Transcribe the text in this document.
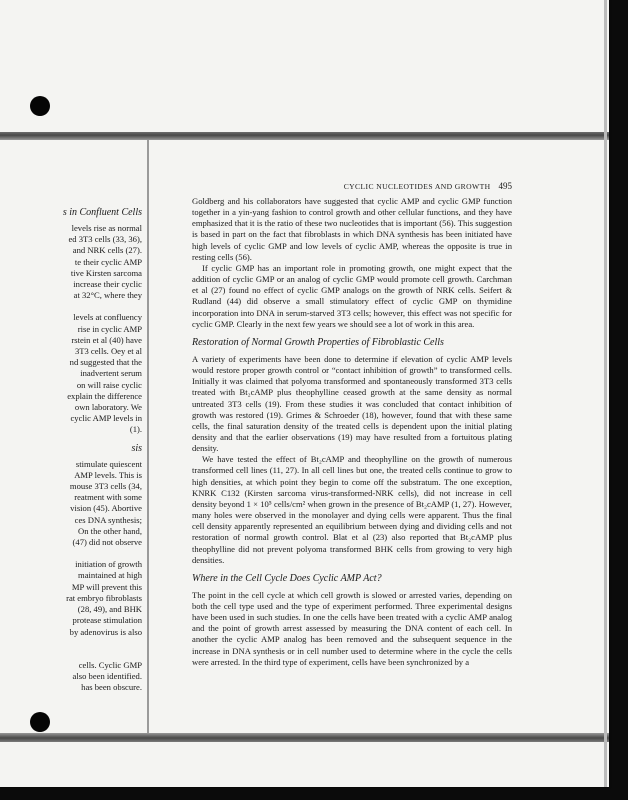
s in Confluent Cells
levels rise as normal
ed 3T3 cells (33, 36),
and NRK cells (27).
te their cyclic AMP
tive Kirsten sarcoma
increase their cyclic
at 32°C, where they
levels at confluency
rise in cyclic AMP
rstein et al (40) have
3T3 cells. Oey et al
nd suggested that the
inadvertent serum
on will raise cyclic
explain the difference
own laboratory. We
cyclic AMP levels in
(1).
sis
stimulate quiescent
AMP levels. This is
mouse 3T3 cells (34,
reatment with some
vision (45). Abortive
ces DNA synthesis;
On the other hand,
(47) did not observe
initiation of growth
maintained at high
MP will prevent this
rat embryo fibroblasts
(28, 49), and BHK
protease stimulation
by adenovirus is also
cells. Cyclic GMP
also been identified.
has been obscure.
CYCLIC NUCLEOTIDES AND GROWTH 495

Goldberg and his collaborators have suggested that cyclic AMP and cyclic GMP function together in a yin-yang fashion to control growth and other cellular functions, and they have emphasized that it is the ratio of these two nucleotides that is important (56). This suggestion is based in part on the fact that fibroblasts in which DNA synthesis has been initiated have high levels of cyclic GMP and low levels of cyclic AMP, whereas the opposite is true in resting cells (56).

If cyclic GMP has an important role in promoting growth, one might expect that the addition of cyclic GMP or an analog of cyclic GMP would promote cell growth. Carchman et al (27) found no effect of cyclic GMP analogs on the growth of NRK cells. Seifert & Rudland (44) did observe a small stimulatory effect of cyclic GMP on thymidine incorporation into DNA in serum-starved 3T3 cells; however, this effect was not specific for cyclic GMP. Clearly in the next few years we should see a lot of work in this area.

Restoration of Normal Growth Properties of Fibroblastic Cells

A variety of experiments have been done to determine if elevation of cyclic AMP levels would restore proper growth control or “contact inhibition of growth” to transformed cells. Initially it was claimed that polyoma transformed and spontaneously transformed 3T3 cells treated with Bt₂cAMP plus theophylline ceased growth at the same density as normal untreated 3T3 cells (19). From these studies it was concluded that contact inhibition of growth was restored (19). Grimes & Schroeder (18), however, found that with these same cells, the final saturation density of the treated cells is dependent upon the initial plating density and that the earlier observations (19) may have resulted from a fortuitous plating density.

We have tested the effect of Bt₂cAMP and theophylline on the growth of numerous transformed cell lines (11, 27). In all cell lines but one, the treated cells continue to grow to high densities, at which point they begin to come off the substratum. The one exception, KNRK C132 (Kirsten sarcoma virus-transformed-NRK cells), did not increase in cell density beyond 1 × 10⁵ cells/cm² when grown in the presence of Bt₂cAMP (1, 27). However, many holes were observed in the monolayer and dying cells were apparent. Thus the final cell density apparently represented an equilibrium between dying and dividing cells and not restoration of normal growth control. Blat et al (23) also reported that Bt₂cAMP plus theophylline did not prevent polyoma transformed BHK cells from growing to very high densities.

Where in the Cell Cycle Does Cyclic AMP Act?

The point in the cell cycle at which cell growth is slowed or arrested varies, depending on both the cell type used and the type of experiment performed. Three experimental designs have been used in such studies. In one the cells have been treated with a cyclic AMP analog and the point of growth arrest assessed by measuring the DNA content of each cell. In another the cyclic AMP analog has been removed and the subsequent sequence in the increase in DNA synthesis or in cell number used to determine where in the cycle the cells were arrested. In the third type of experiment, cells have been synchronized by a
